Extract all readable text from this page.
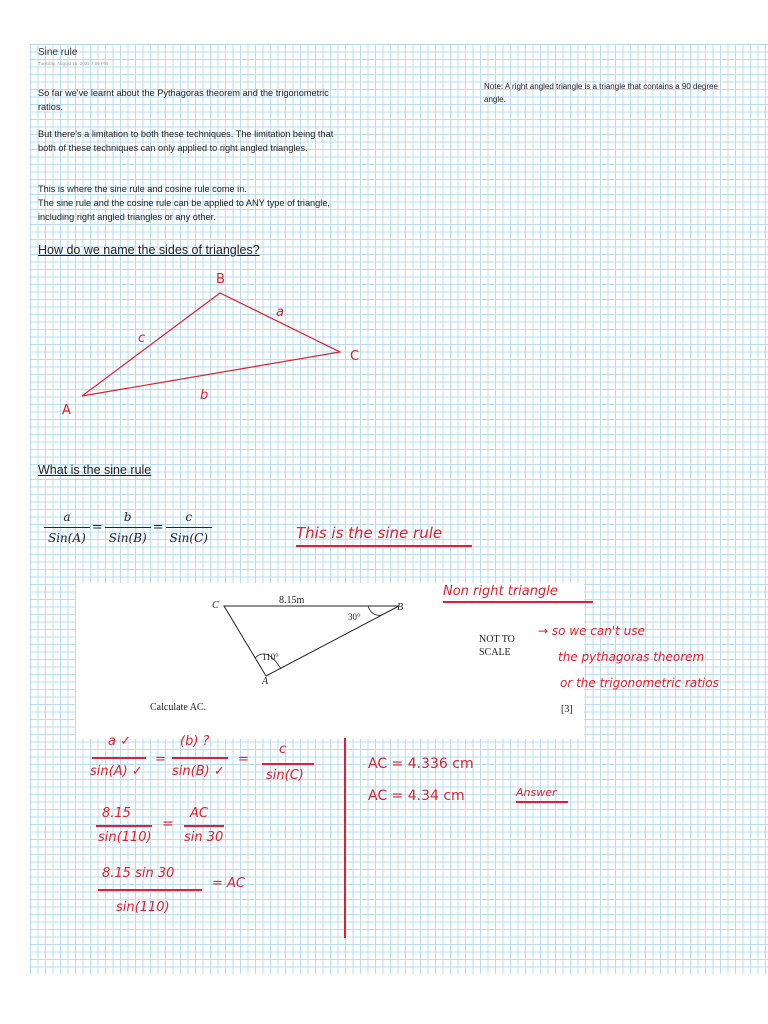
Sine rule
Tuesday, August 16, 2022 7:06 PM
So far we've learnt about the Pythagoras theorem and the trigonometric ratios.
But there's a limitation to both these techniques. The limitation being that both of these techniques can only applied to right angled triangles.
This is where the sine rule and cosine rule come in.
The sine rule and the cosine rule can be applied to ANY type of triangle, including right angled triangles or any other.
Note: A right angled triangle is a triangle that contains a 90 degree angle.
How do we name the sides of triangles?
B
C
A
a
c
b
What is the sine rule
$\frac{a}{\text{Sin(A)}} = \frac{b}{\text{Sin(B)}} = \frac{c}{\text{Sin(C)}}$	This is the sine rule
8.15m
C	B
A
30°
110°
NOT TO
SCALE
Calculate AC.	[3]
Non right triangle
→ so we can't use
the pythagoras theorem
or the trigonometric ratios
a ✓	(b) ?
c
=	=
sin(A) ✓ sin(B) ✓	sin(C)
8.15
sin(110)
=
AC
sin 30
8.15 sin 30
sin(110)
= AC
AC = 4.336 cm
AC = 4.34 cm	Answer
